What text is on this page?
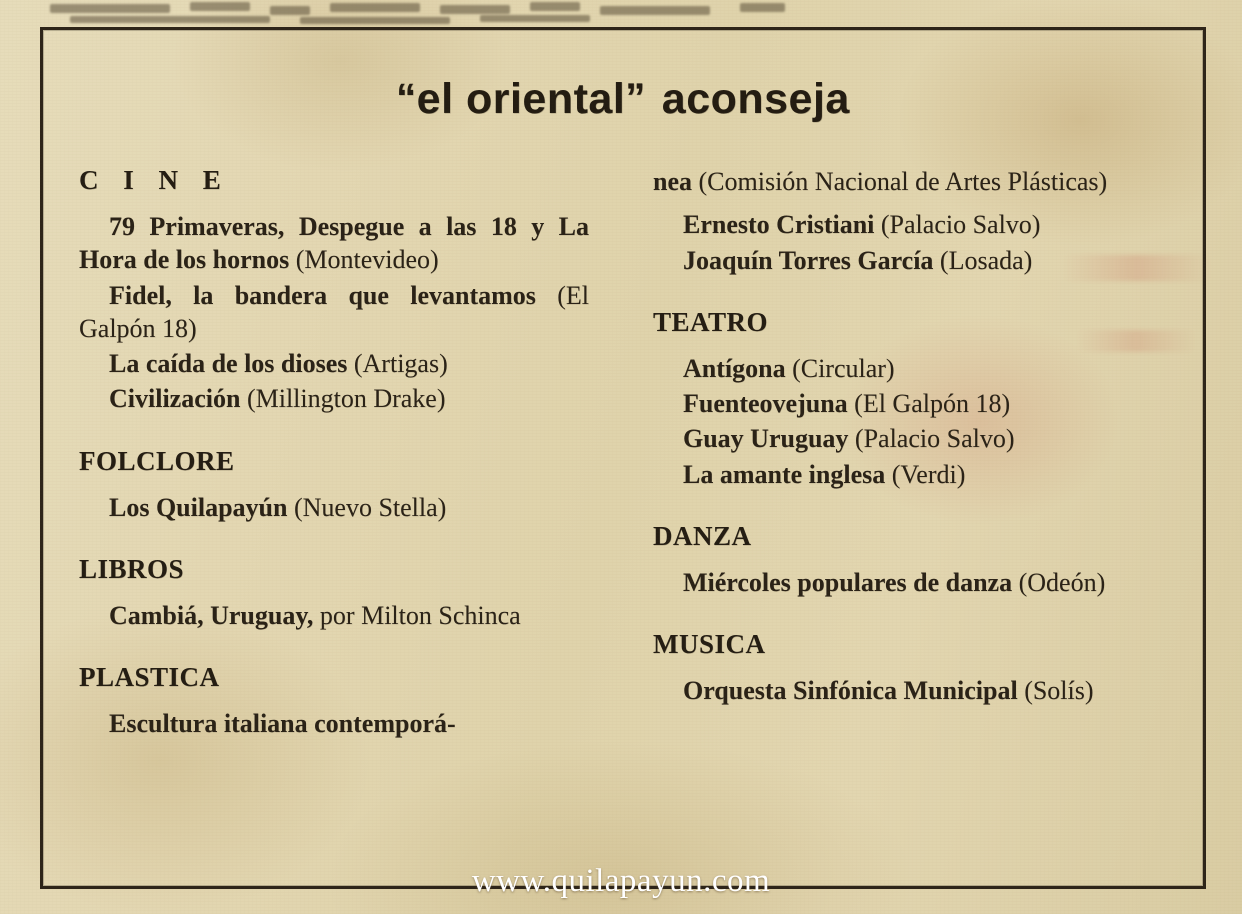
“el oriental” aconseja
C I N E

79 Primaveras, Despegue a las 18 y La Hora de los hornos (Montevideo)

Fidel, la bandera que levantamos (El Galpón 18)

La caída de los dioses (Artigas)

Civilización (Millington Drake)

FOLCLORE

Los Quilapayún (Nuevo Stella)

LIBROS

Cambiá, Uruguay, por Milton Schinca

PLASTICA

Escultura italiana contemporá-

nea (Comisión Nacional de Artes Plásticas)

Ernesto Cristiani (Palacio Salvo)

Joaquín Torres García (Losada)

TEATRO

Antígona (Circular)

Fuenteovejuna (El Galpón 18)

Guay Uruguay (Palacio Salvo)

La amante inglesa (Verdi)

DANZA

Miércoles populares de danza (Odeón)

MUSICA

Orquesta Sinfónica Municipal (Solís)

www.quilapayun.com
